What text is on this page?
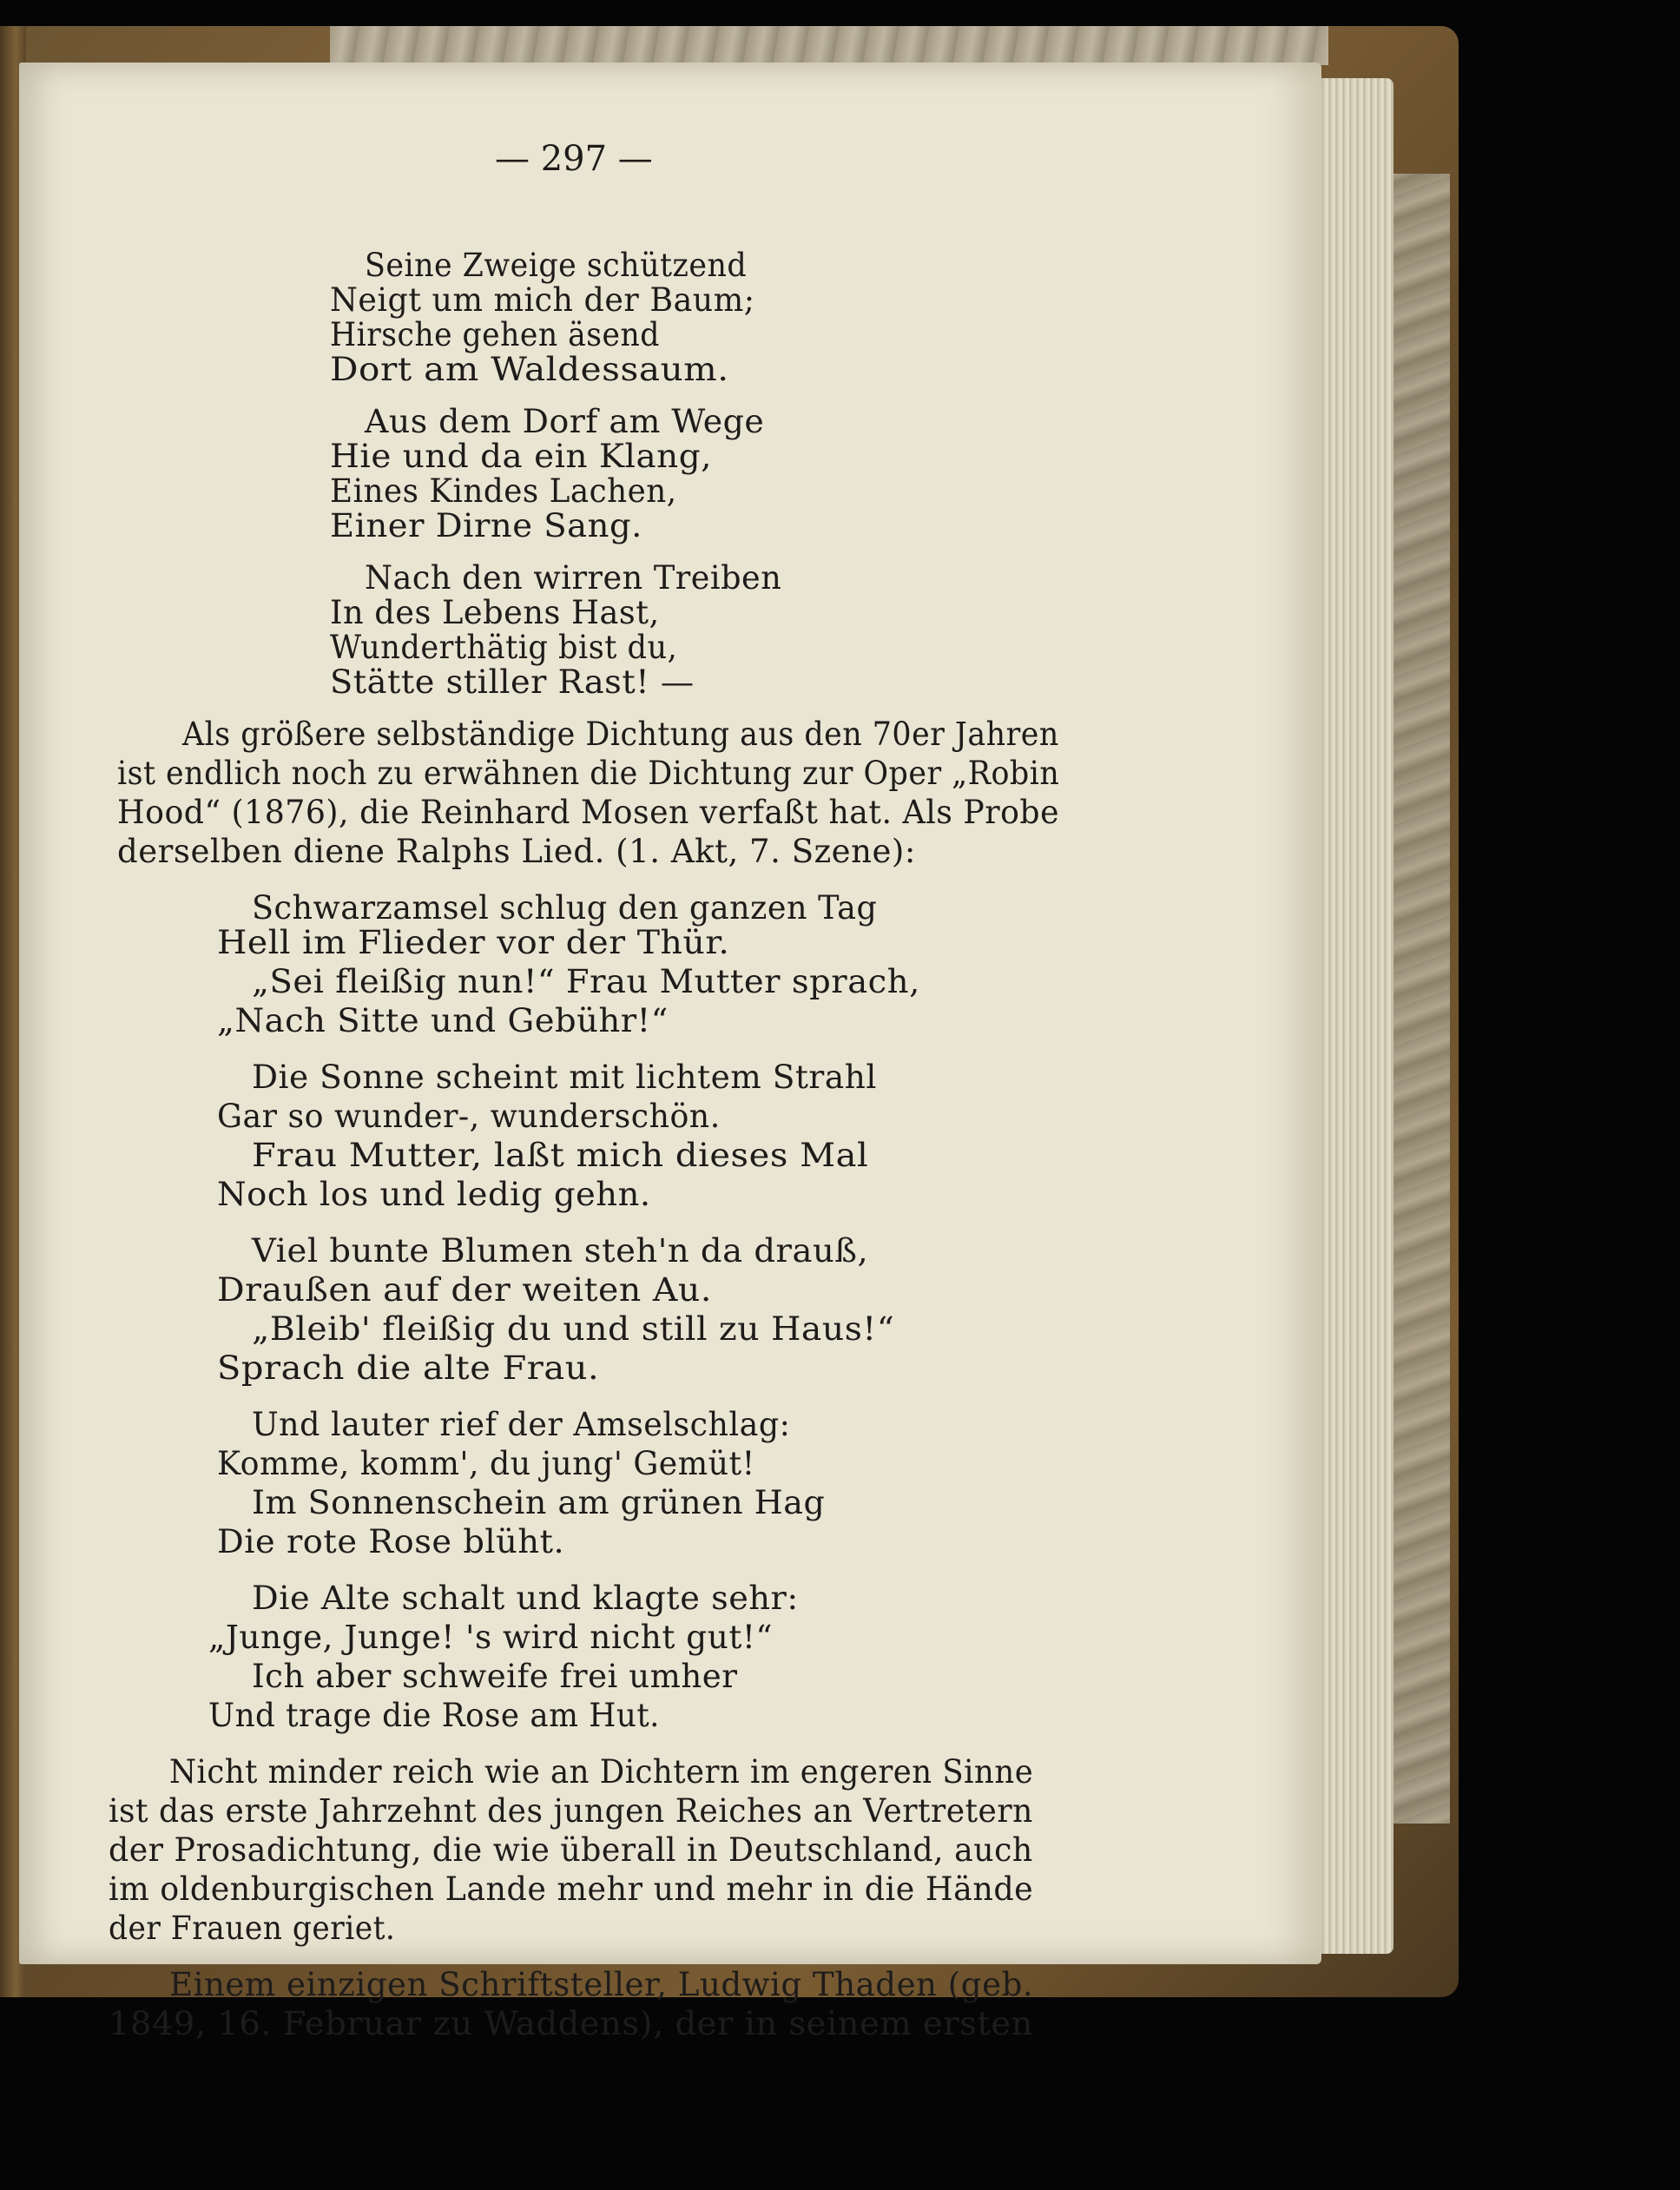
— 297 —
Seine Zweige schützend
Neigt um mich der Baum;
Hirsche gehen äsend
Dort am Waldessaum.
Aus dem Dorf am Wege
Hie und da ein Klang,
Eines Kindes Lachen,
Einer Dirne Sang.
Nach den wirren Treiben
In des Lebens Hast,
Wunderthätig bist du,
Stätte stiller Rast! —
Als größere selbständige Dichtung aus den 70er Jahren
ist endlich noch zu erwähnen die Dichtung zur Oper „Robin
Hood“ (1876), die Reinhard Mosen verfaßt hat. Als Probe
derselben diene Ralphs Lied. (1. Akt, 7. Szene):
Schwarzamsel schlug den ganzen Tag
Hell im Flieder vor der Thür.
„Sei fleißig nun!“ Frau Mutter sprach,
„Nach Sitte und Gebühr!“
Die Sonne scheint mit lichtem Strahl
Gar so wunder-, wunderschön.
Frau Mutter, laßt mich dieses Mal
Noch los und ledig gehn.
Viel bunte Blumen steh'n da drauß,
Draußen auf der weiten Au.
„Bleib' fleißig du und still zu Haus!“
Sprach die alte Frau.
Und lauter rief der Amselschlag:
Komme, komm', du jung' Gemüt!
Im Sonnenschein am grünen Hag
Die rote Rose blüht.
Die Alte schalt und klagte sehr:
„Junge, Junge! 's wird nicht gut!“
Ich aber schweife frei umher
Und trage die Rose am Hut.
Nicht minder reich wie an Dichtern im engeren Sinne
ist das erste Jahrzehnt des jungen Reiches an Vertretern
der Prosadichtung, die wie überall in Deutschland, auch
im oldenburgischen Lande mehr und mehr in die Hände
der Frauen geriet.
Einem einzigen Schriftsteller, Ludwig Thaden (geb.
1849, 16. Februar zu Waddens), der in seinem ersten
